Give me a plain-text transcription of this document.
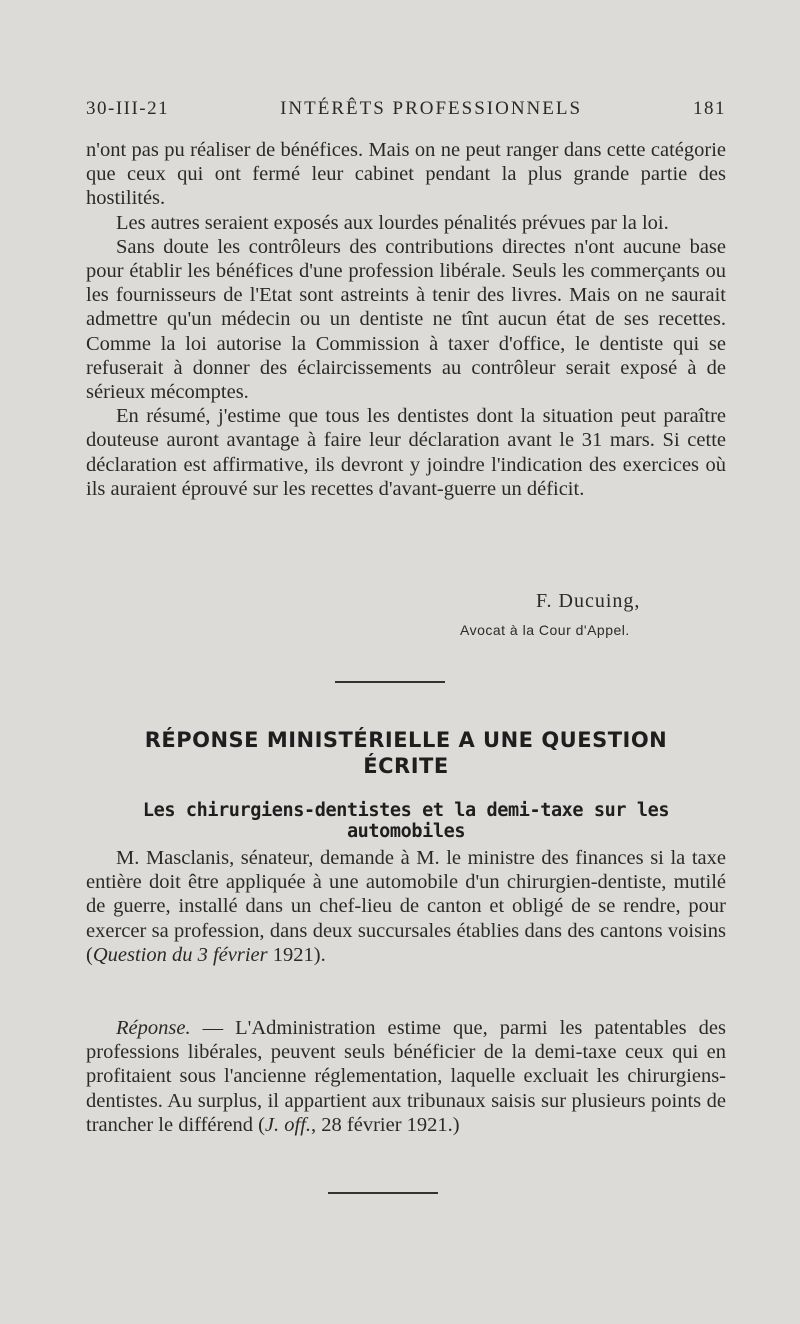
30-III-21	INTÉRÊTS PROFESSIONNELS	181

n'ont pas pu réaliser de bénéfices. Mais on ne peut ranger dans cette catégorie que ceux qui ont fermé leur cabinet pendant la plus grande partie des hostilités.

Les autres seraient exposés aux lourdes pénalités prévues par la loi.

Sans doute les contrôleurs des contributions directes n'ont aucune base pour établir les bénéfices d'une profession libérale. Seuls les commerçants ou les fournisseurs de l'Etat sont astreints à tenir des livres. Mais on ne saurait admettre qu'un médecin ou un dentiste ne tînt aucun état de ses recettes. Comme la loi autorise la Commission à taxer d'office, le dentiste qui se refuserait à donner des éclaircissements au contrôleur serait exposé à de sérieux mécomptes.

En résumé, j'estime que tous les dentistes dont la situation peut paraître douteuse auront avantage à faire leur déclaration avant le 31 mars. Si cette déclaration est affirmative, ils devront y joindre l'indication des exercices où ils auraient éprouvé sur les recettes d'avant-guerre un déficit.

F. Ducuing,
Avocat à la Cour d'Appel.
RÉPONSE MINISTÉRIELLE A UNE QUESTION
ÉCRITE
Les chirurgiens-dentistes et la demi-taxe sur les automobiles

M. Masclanis, sénateur, demande à M. le ministre des finances si la taxe entière doit être appliquée à une automobile d'un chirurgien-dentiste, mutilé de guerre, installé dans un chef-lieu de canton et obligé de se rendre, pour exercer sa profession, dans deux succursales établies dans des cantons voisins (Question du 3 février 1921).

Réponse. — L'Administration estime que, parmi les patentables des professions libérales, peuvent seuls bénéficier de la demi-taxe ceux qui en profitaient sous l'ancienne réglementation, laquelle excluait les chirurgiens-dentistes. Au surplus, il appartient aux tribunaux saisis sur plusieurs points de trancher le différend (J. off., 28 février 1921.)
